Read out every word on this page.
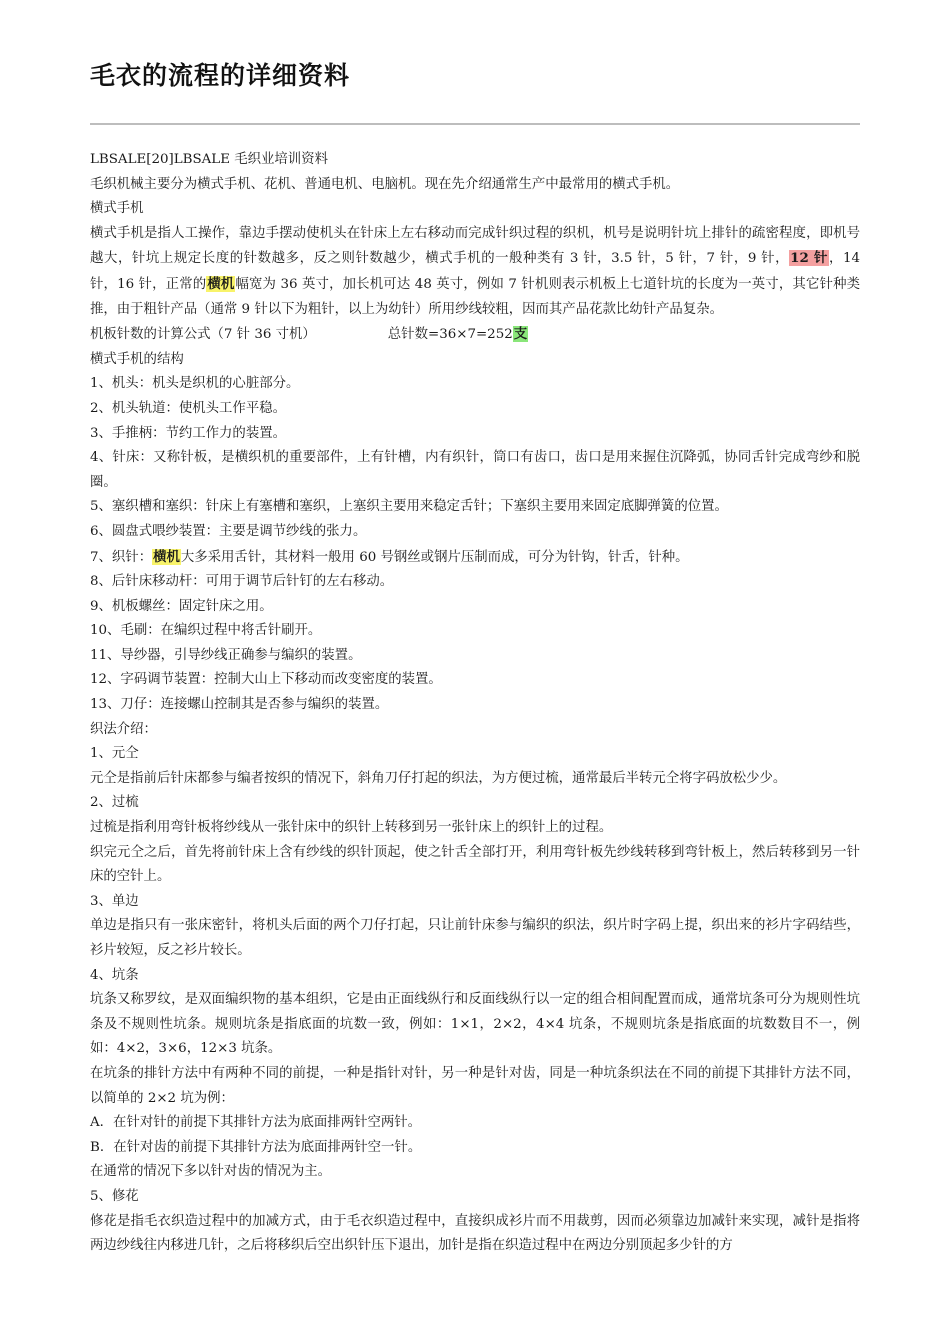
毛衣的流程的详细资料

LBSALE[20]LBSALE 毛织业培训资料

毛织机械主要分为横式手机、花机、普通电机、电脑机。现在先介绍通常生产中最常用的横式手机。

横式手机

横式手机是指人工操作，靠边手摆动使机头在针床上左右移动而完成针织过程的织机，机号是说明针坑上排针的疏密程度，即机号越大，针坑上规定长度的针数越多，反之则针数越少，横式手机的一般种类有 3 针，3.5 针，5 针，7 针，9 针，12 针，14 针，16 针，正常的横机幅宽为 36 英寸，加长机可达 48 英寸，例如 7 针机则表示机板上七道针坑的长度为一英寸，其它针种类推，由于粗针产品（通常 9 针以下为粗针，以上为幼针）所用纱线较粗，因而其产品花款比幼针产品复杂。

机板针数的计算公式（7 针 36 寸机）	总针数=36×7=252支

横式手机的结构

1、机头：机头是织机的心脏部分。

2、机头轨道：使机头工作平稳。

3、手推柄：节约工作力的装置。

4、针床：又称针板，是横织机的重要部件，上有针槽，内有织针，筒口有齿口，齿口是用来握住沉降弧，协同舌针完成弯纱和脱圈。

5、塞织槽和塞织：针床上有塞槽和塞织，上塞织主要用来稳定舌针；下塞织主要用来固定底脚弹簧的位置。

6、圆盘式喂纱装置：主要是调节纱线的张力。

7、织针：横机大多采用舌针，其材料一般用 60 号钢丝或钢片压制而成，可分为针钩，针舌，针种。

8、后针床移动杆：可用于调节后针钉的左右移动。

9、机板螺丝：固定针床之用。

10、毛刷：在编织过程中将舌针刷开。

11、导纱器，引导纱线正确参与编织的装置。

12、字码调节装置：控制大山上下移动而改变密度的装置。

13、刀仔：连接螺山控制其是否参与编织的装置。

织法介绍：

1、元仝

元仝是指前后针床都参与编者按织的情况下，斜角刀仔打起的织法，为方便过梳，通常最后半转元仝将字码放松少少。

2、过梳

过梳是指利用弯针板将纱线从一张针床中的织针上转移到另一张针床上的织针上的过程。

织完元仝之后，首先将前针床上含有纱线的织针顶起，使之针舌全部打开，利用弯针板先纱线转移到弯针板上，然后转移到另一针床的空针上。

3、单边

单边是指只有一张床密针，将机头后面的两个刀仔打起，只让前针床参与编织的织法，织片时字码上提，织出来的衫片字码结些，衫片较短，反之衫片较长。

4、坑条

坑条又称罗纹，是双面编织物的基本组织，它是由正面线纵行和反面线纵行以一定的组合相间配置而成，通常坑条可分为规则性坑条及不规则性坑条。规则坑条是指底面的坑数一致，例如：1×1，2×2，4×4 坑条，不规则坑条是指底面的坑数数目不一，例如：4×2，3×6，12×3 坑条。

在坑条的排针方法中有两种不同的前提，一种是指针对针，另一种是针对齿，同是一种坑条织法在不同的前提下其排针方法不同，以简单的 2×2 坑为例：

A．在针对针的前提下其排针方法为底面排两针空两针。

B．在针对齿的前提下其排针方法为底面排两针空一针。

在通常的情况下多以针对齿的情况为主。

5、修花

修花是指毛衣织造过程中的加减方式，由于毛衣织造过程中，直接织成衫片而不用裁剪，因而必须靠边加减针来实现，减针是指将两边纱线往内移进几针，之后将移织后空出织针压下退出，加针是指在织造过程中在两边分别顶起多少针的方
